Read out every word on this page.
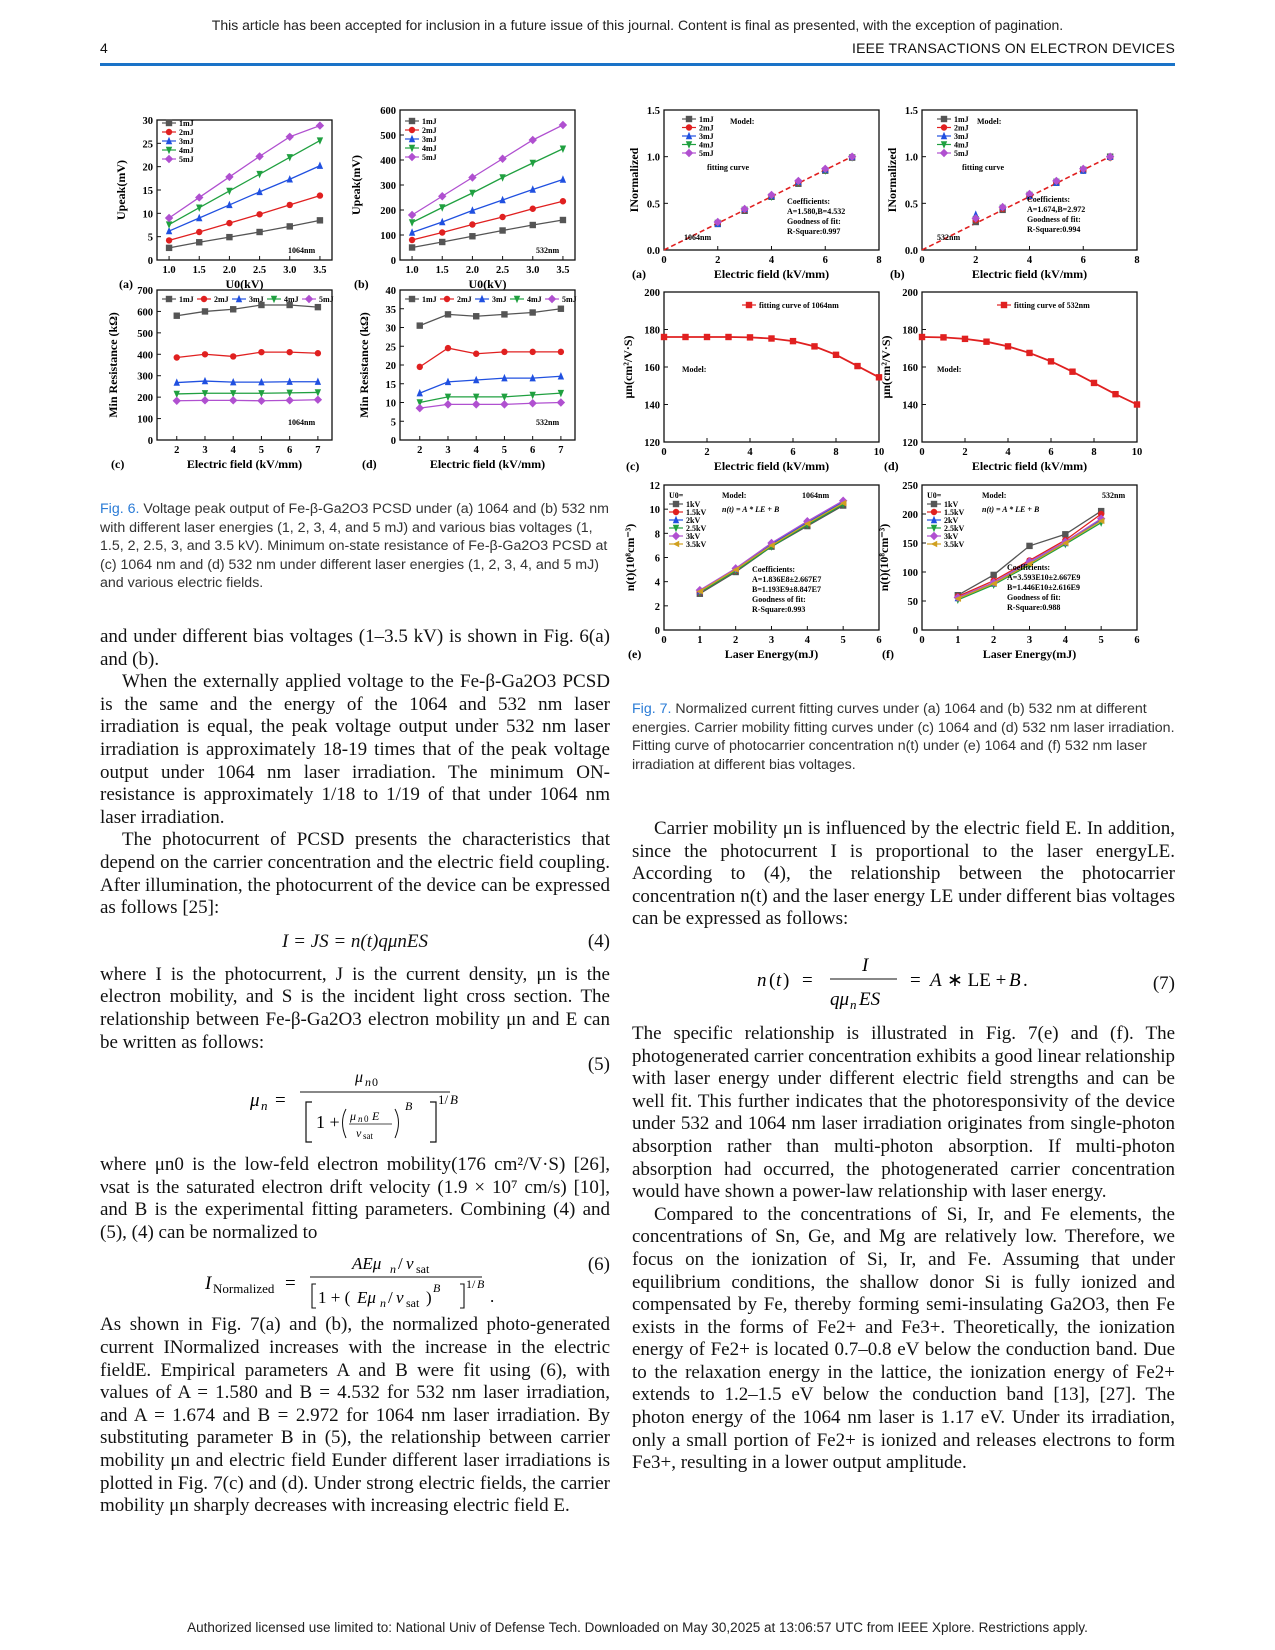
This article has been accepted for inclusion in a future issue of this journal. Content is final as presented, with the exception of pagination.
4	IEEE TRANSACTIONS ON ELECTRON DEVICES
1.0 1.5 2.0 2.5 3.0 3.5
0
5
10
15
20
25
30
U0(kV)
Upeak(mV)
(a)
1mJ
2mJ
3mJ
4mJ
5mJ
1064nm
1.0 1.5 2.0 2.5 3.0 3.5
0
100
200
300
400
500
600
U0(kV)
Upeak(mV)
(b)
1mJ
2mJ
3mJ
4mJ
5mJ
532nm
2 3 4 5 6 7
0
100
200
300
400
500
600
700
Electric field (kV/mm)
Min Resistance (kΩ)
(c)
1mJ	2mJ	3mJ	4mJ	5mJ
1064nm
2 3 4 5 6 7
0
5
10
15
20
25
30
35
40
Electric field (kV/mm)
Min Resistance (kΩ)
(d)
1mJ	2mJ	3mJ	4mJ	5mJ
532nm
Fig. 6. Voltage peak output of Fe-β-Ga2O3 PCSD under (a) 1064 and (b) 532 nm with different laser energies (1, 2, 3, 4, and 5 mJ) and various bias voltages (1, 1.5, 2, 2.5, 3, and 3.5 kV). Minimum on-state resistance of Fe-β-Ga2O3 PCSD at (c) 1064 nm and (d) 532 nm under different laser energies (1, 2, 3, 4, and 5 mJ) and various electric fields.
0	2	4	6	8
0.0
0.5
1.0
1.5
Electric field (kV/mm)
INormalized
(a)
1mJ
2mJ
3mJ
4mJ
5mJ
1064nm
Model:
Coefficients:
A=1.580,B=4.532
Goodness of fit:
R-Square:0.997
fitting curve
0	2	4	6	8
0.0
0.5
1.0
1.5
Electric field (kV/mm)
INormalized
(b)
1mJ
2mJ
3mJ
4mJ
5mJ
532nm
Model:
Coefficients:
A=1.674,B=2.972
Goodness of fit:
R-Square:0.994
fitting curve
0	2	4	6	8	10
120
140
160
180
200
Electric field (kV/mm)
μn(cm²/V·S)
(c)
fitting curve of 1064nm
Model:
0	2	4	6	8	10
120
140
160
180
200
Electric field (kV/mm)
μn(cm²/V·S)
(d)
fitting curve of 532nm
Model:
0	1	2	3	4	5	6
0
2
4
6
8
10
12
Laser Energy(mJ)
n(t)(10⁸cm⁻³)
(e)
U0=
1kV
1.5kV
2kV
2.5kV
3kV
3.5kV
1064nm
Model:
n(t) = A * LE + B
Coefficients:
A=1.836E8±2.667E7
B=1.193E9±8.847E7
Goodness of fit:
R-Square:0.993
0	1	2	3	4	5	6
0
50
100
150
200
250
Laser Energy(mJ)
n(t)(10⁸cm⁻³)
(f)
U0=
1kV
1.5kV
2kV
2.5kV
3kV
3.5kV
532nm
Model:
n(t) = A * LE + B
Coefficients:
A=3.593E10±2.667E9
B=1.446E10±2.616E9
Goodness of fit:
R-Square:0.988
Fig. 7. Normalized current fitting curves under (a) 1064 and (b) 532 nm at different energies. Carrier mobility fitting curves under (c) 1064 and (d) 532 nm laser irradiation. Fitting curve of photocarrier concentration n(t) under (e) 1064 and (f) 532 nm laser irradiation at different bias voltages.

and under different bias voltages (1–3.5 kV) is shown in Fig. 6(a) and (b).

When the externally applied voltage to the Fe-β-Ga2O3 PCSD is the same and the energy of the 1064 and 532 nm laser irradiation is equal, the peak voltage output under 532 nm laser irradiation is approximately 18-19 times that of the peak voltage output under 1064 nm laser irradiation. The minimum ON-resistance is approximately 1/18 to 1/19 of that under 1064 nm laser irradiation.

The photocurrent of PCSD presents the characteristics that depend on the carrier concentration and the electric field coupling. After illumination, the photocurrent of the device can be expressed as follows [25]:

I = JS = n(t)qμnES	(4)

where I is the photocurrent, J is the current density, μn is the electron mobility, and S is the incident light cross section. The relationship between Fe-β-Ga2O3 electron mobility μn and E can be written as follows:

μ n =
μ n 0
1 + μ n 0 E
ν sat
B 1/ B
(5)

where μn0 is the low-feld electron mobility(176 cm²/V·S) [26], νsat is the saturated electron drift velocity (1.9 × 10⁷ cm/s) [10], and B is the experimental fitting parameters. Combining (4) and (5), (4) can be normalized to

I Normalized =
AEμ n / ν sat
1 + ( Eμ n / ν sat ) B 1/ B
.
(6)

As shown in Fig. 7(a) and (b), the normalized photo-generated current INormalized increases with the increase in the electric fieldE. Empirical parameters A and B were fit using (6), with values of A = 1.580 and B = 4.532 for 532 nm laser irradiation, and A = 1.674 and B = 2.972 for 1064 nm laser irradiation. By substituting parameter B in (5), the relationship between carrier mobility μn and electric field Eunder different laser irradiations is plotted in Fig. 7(c) and (d). Under strong electric fields, the carrier mobility μn sharply decreases with increasing electric field E.

Carrier mobility μn is influenced by the electric field E. In addition, since the photocurrent I is proportional to the laser energyLE. According to (4), the relationship between the photocarrier concentration n(t) and the laser energy LE under different bias voltages can be expressed as follows:

n ( t ) =
I
qμ n ES
= A ∗ LE + B .	(7)

The specific relationship is illustrated in Fig. 7(e) and (f). The photogenerated carrier concentration exhibits a good linear relationship with laser energy under different electric field strengths and can be well fit. This further indicates that the photoresponsivity of the device under 532 and 1064 nm laser irradiation originates from single-photon absorption rather than multi-photon absorption. If multi-photon absorption had occurred, the photogenerated carrier concentration would have shown a power-law relationship with laser energy.

Compared to the concentrations of Si, Ir, and Fe elements, the concentrations of Sn, Ge, and Mg are relatively low. Therefore, we focus on the ionization of Si, Ir, and Fe. Assuming that under equilibrium conditions, the shallow donor Si is fully ionized and compensated by Fe, thereby forming semi-insulating Ga2O3, then Fe exists in the forms of Fe2+ and Fe3+. Theoretically, the ionization energy of Fe2+ is located 0.7–0.8 eV below the conduction band. Due to the relaxation energy in the lattice, the ionization energy of Fe2+ extends to 1.2–1.5 eV below the conduction band [13], [27]. The photon energy of the 1064 nm laser is 1.17 eV. Under its irradiation, only a small portion of Fe2+ is ionized and releases electrons to form Fe3+, resulting in a lower output amplitude.

Authorized licensed use limited to: National Univ of Defense Tech. Downloaded on May 30,2025 at 13:06:57 UTC from IEEE Xplore. Restrictions apply.
